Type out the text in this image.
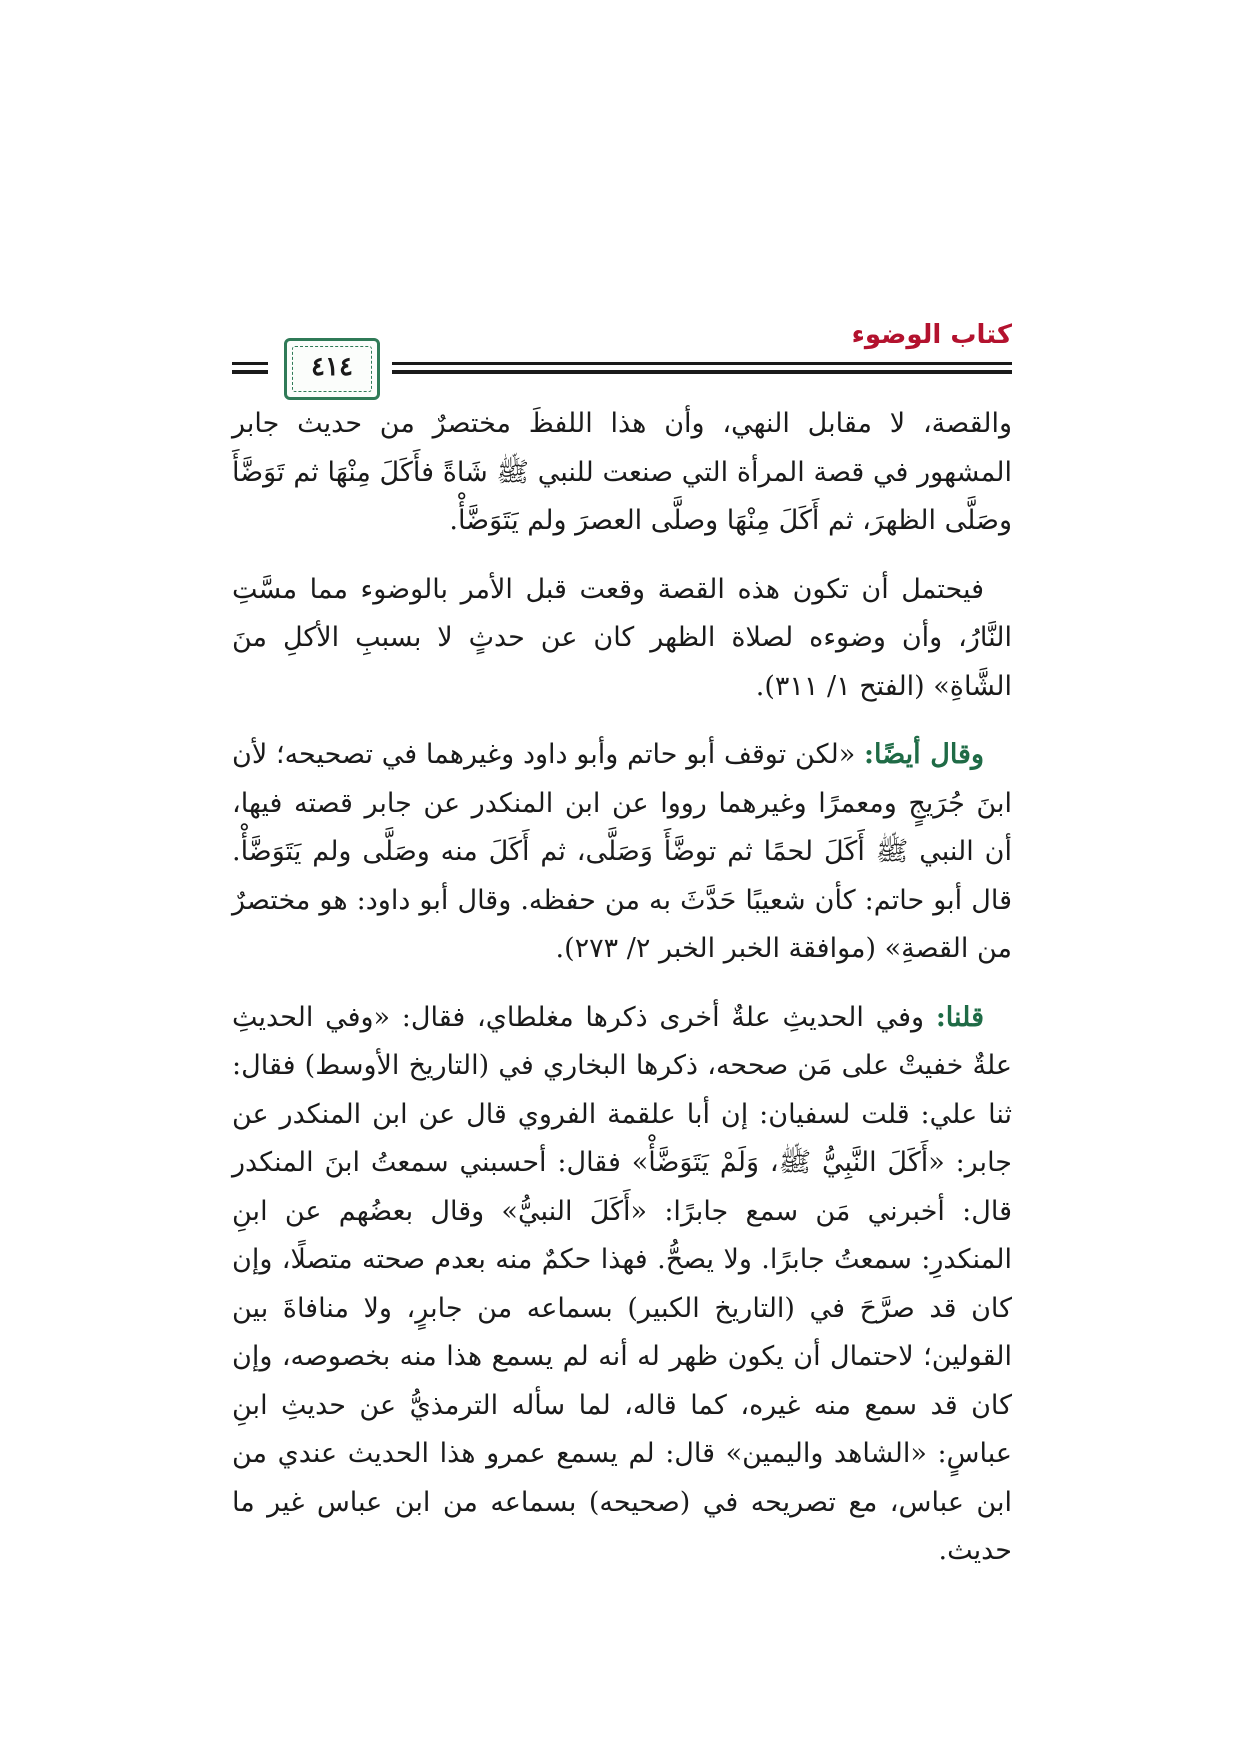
كتاب الوضوء
٤١٤

والقصة، لا مقابل النهي، وأن هذا اللفظَ مختصرٌ من حديث جابر المشهور في قصة المرأة التي صنعت للنبي ﷺ شَاةً فأَكَلَ مِنْهَا ثم تَوَضَّأَ وصَلَّى الظهرَ، ثم أَكَلَ مِنْهَا وصلَّى العصرَ ولم يَتَوَضَّأْ.

فيحتمل أن تكون هذه القصة وقعت قبل الأمر بالوضوء مما مسَّتِ النَّارُ، وأن وضوءه لصلاة الظهر كان عن حدثٍ لا بسببِ الأكلِ منَ الشَّاةِ» (الفتح ١/ ٣١١).

وقال أيضًا: «لكن توقف أبو حاتم وأبو داود وغيرهما في تصحيحه؛ لأن ابنَ جُرَيجٍ ومعمرًا وغيرهما رووا عن ابن المنكدر عن جابر قصته فيها، أن النبي ﷺ أَكَلَ لحمًا ثم توضَّأَ وَصَلَّى، ثم أَكَلَ منه وصَلَّى ولم يَتَوَضَّأْ. قال أبو حاتم: كأن شعيبًا حَدَّثَ به من حفظه. وقال أبو داود: هو مختصرٌ من القصةِ» (موافقة الخبر الخبر ٢/ ٢٧٣).

قلنا: وفي الحديثِ علةٌ أخرى ذكرها مغلطاي، فقال: «وفي الحديثِ علةٌ خفيتْ على مَن صححه، ذكرها البخاري في (التاريخ الأوسط) فقال: ثنا علي: قلت لسفيان: إن أبا علقمة الفروي قال عن ابن المنكدر عن جابر: «أَكَلَ النَّبِيُّ ﷺ، وَلَمْ يَتَوَضَّأْ» فقال: أحسبني سمعتُ ابنَ المنكدر قال: أخبرني مَن سمع جابرًا: «أَكَلَ النبيُّ» وقال بعضُهم عن ابنِ المنكدرِ: سمعتُ جابرًا. ولا يصحُّ. فهذا حكمٌ منه بعدم صحته متصلًا، وإن كان قد صرَّحَ في (التاريخ الكبير) بسماعه من جابرٍ، ولا منافاةَ بين القولين؛ لاحتمال أن يكون ظهر له أنه لم يسمع هذا منه بخصوصه، وإن كان قد سمع منه غيره، كما قاله، لما سأله الترمذيُّ عن حديثِ ابنِ عباسٍ: «الشاهد واليمين» قال: لم يسمع عمرو هذا الحديث عندي من ابن عباس، مع تصريحه في (صحيحه) بسماعه من ابن عباس غير ما حديث.
